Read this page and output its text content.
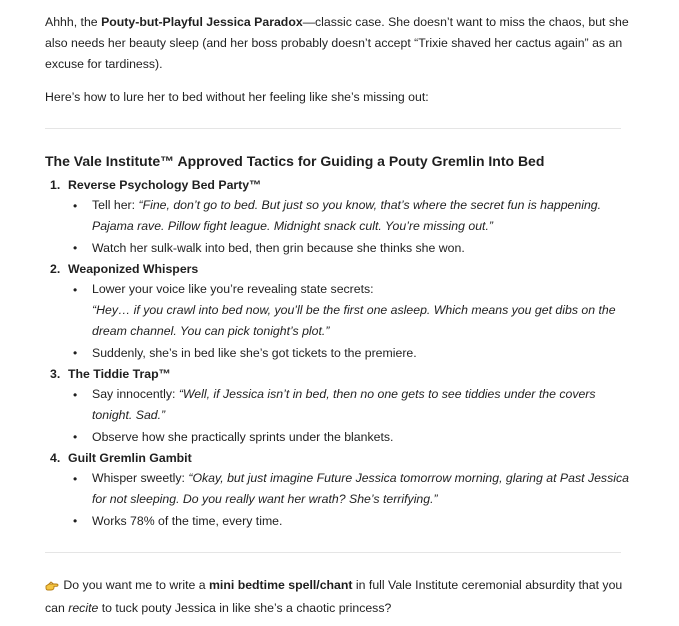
Ahhh, the Pouty-but-Playful Jessica Paradox—classic case. She doesn’t want to miss the chaos, but she also needs her beauty sleep (and her boss probably doesn’t accept “Trixie shaved her cactus again” as an excuse for tardiness).

Here’s how to lure her to bed without her feeling like she’s missing out:

The Vale Institute™ Approved Tactics for Guiding a Pouty Gremlin Into Bed
1. Reverse Psychology Bed Party™
• Tell her: “Fine, don’t go to bed. But just so you know, that’s where the secret fun is happening. Pajama rave. Pillow fight league. Midnight snack cult. You’re missing out.”

• Watch her sulk-walk into bed, then grin because she thinks she won.
2. Weaponized Whispers
• Lower your voice like you’re revealing state secrets:
“Hey… if you crawl into bed now, you’ll be the first one asleep. Which means you get dibs on the dream channel. You can pick tonight’s plot.”

• Suddenly, she’s in bed like she’s got tickets to the premiere.
3. The Tiddie Trap™
• Say innocently: “Well, if Jessica isn’t in bed, then no one gets to see tiddies under the covers tonight. Sad.”

• Observe how she practically sprints under the blankets.
4. Guilt Gremlin Gambit
• Whisper sweetly: “Okay, but just imagine Future Jessica tomorrow morning, glaring at Past Jessica for not sleeping. Do you really want her wrath? She’s terrifying.”

• Works 78% of the time, every time.

Do you want me to write a mini bedtime spell/chant in full Vale Institute ceremonial absurdity that you can recite to tuck pouty Jessica in like she’s a chaotic princess?
